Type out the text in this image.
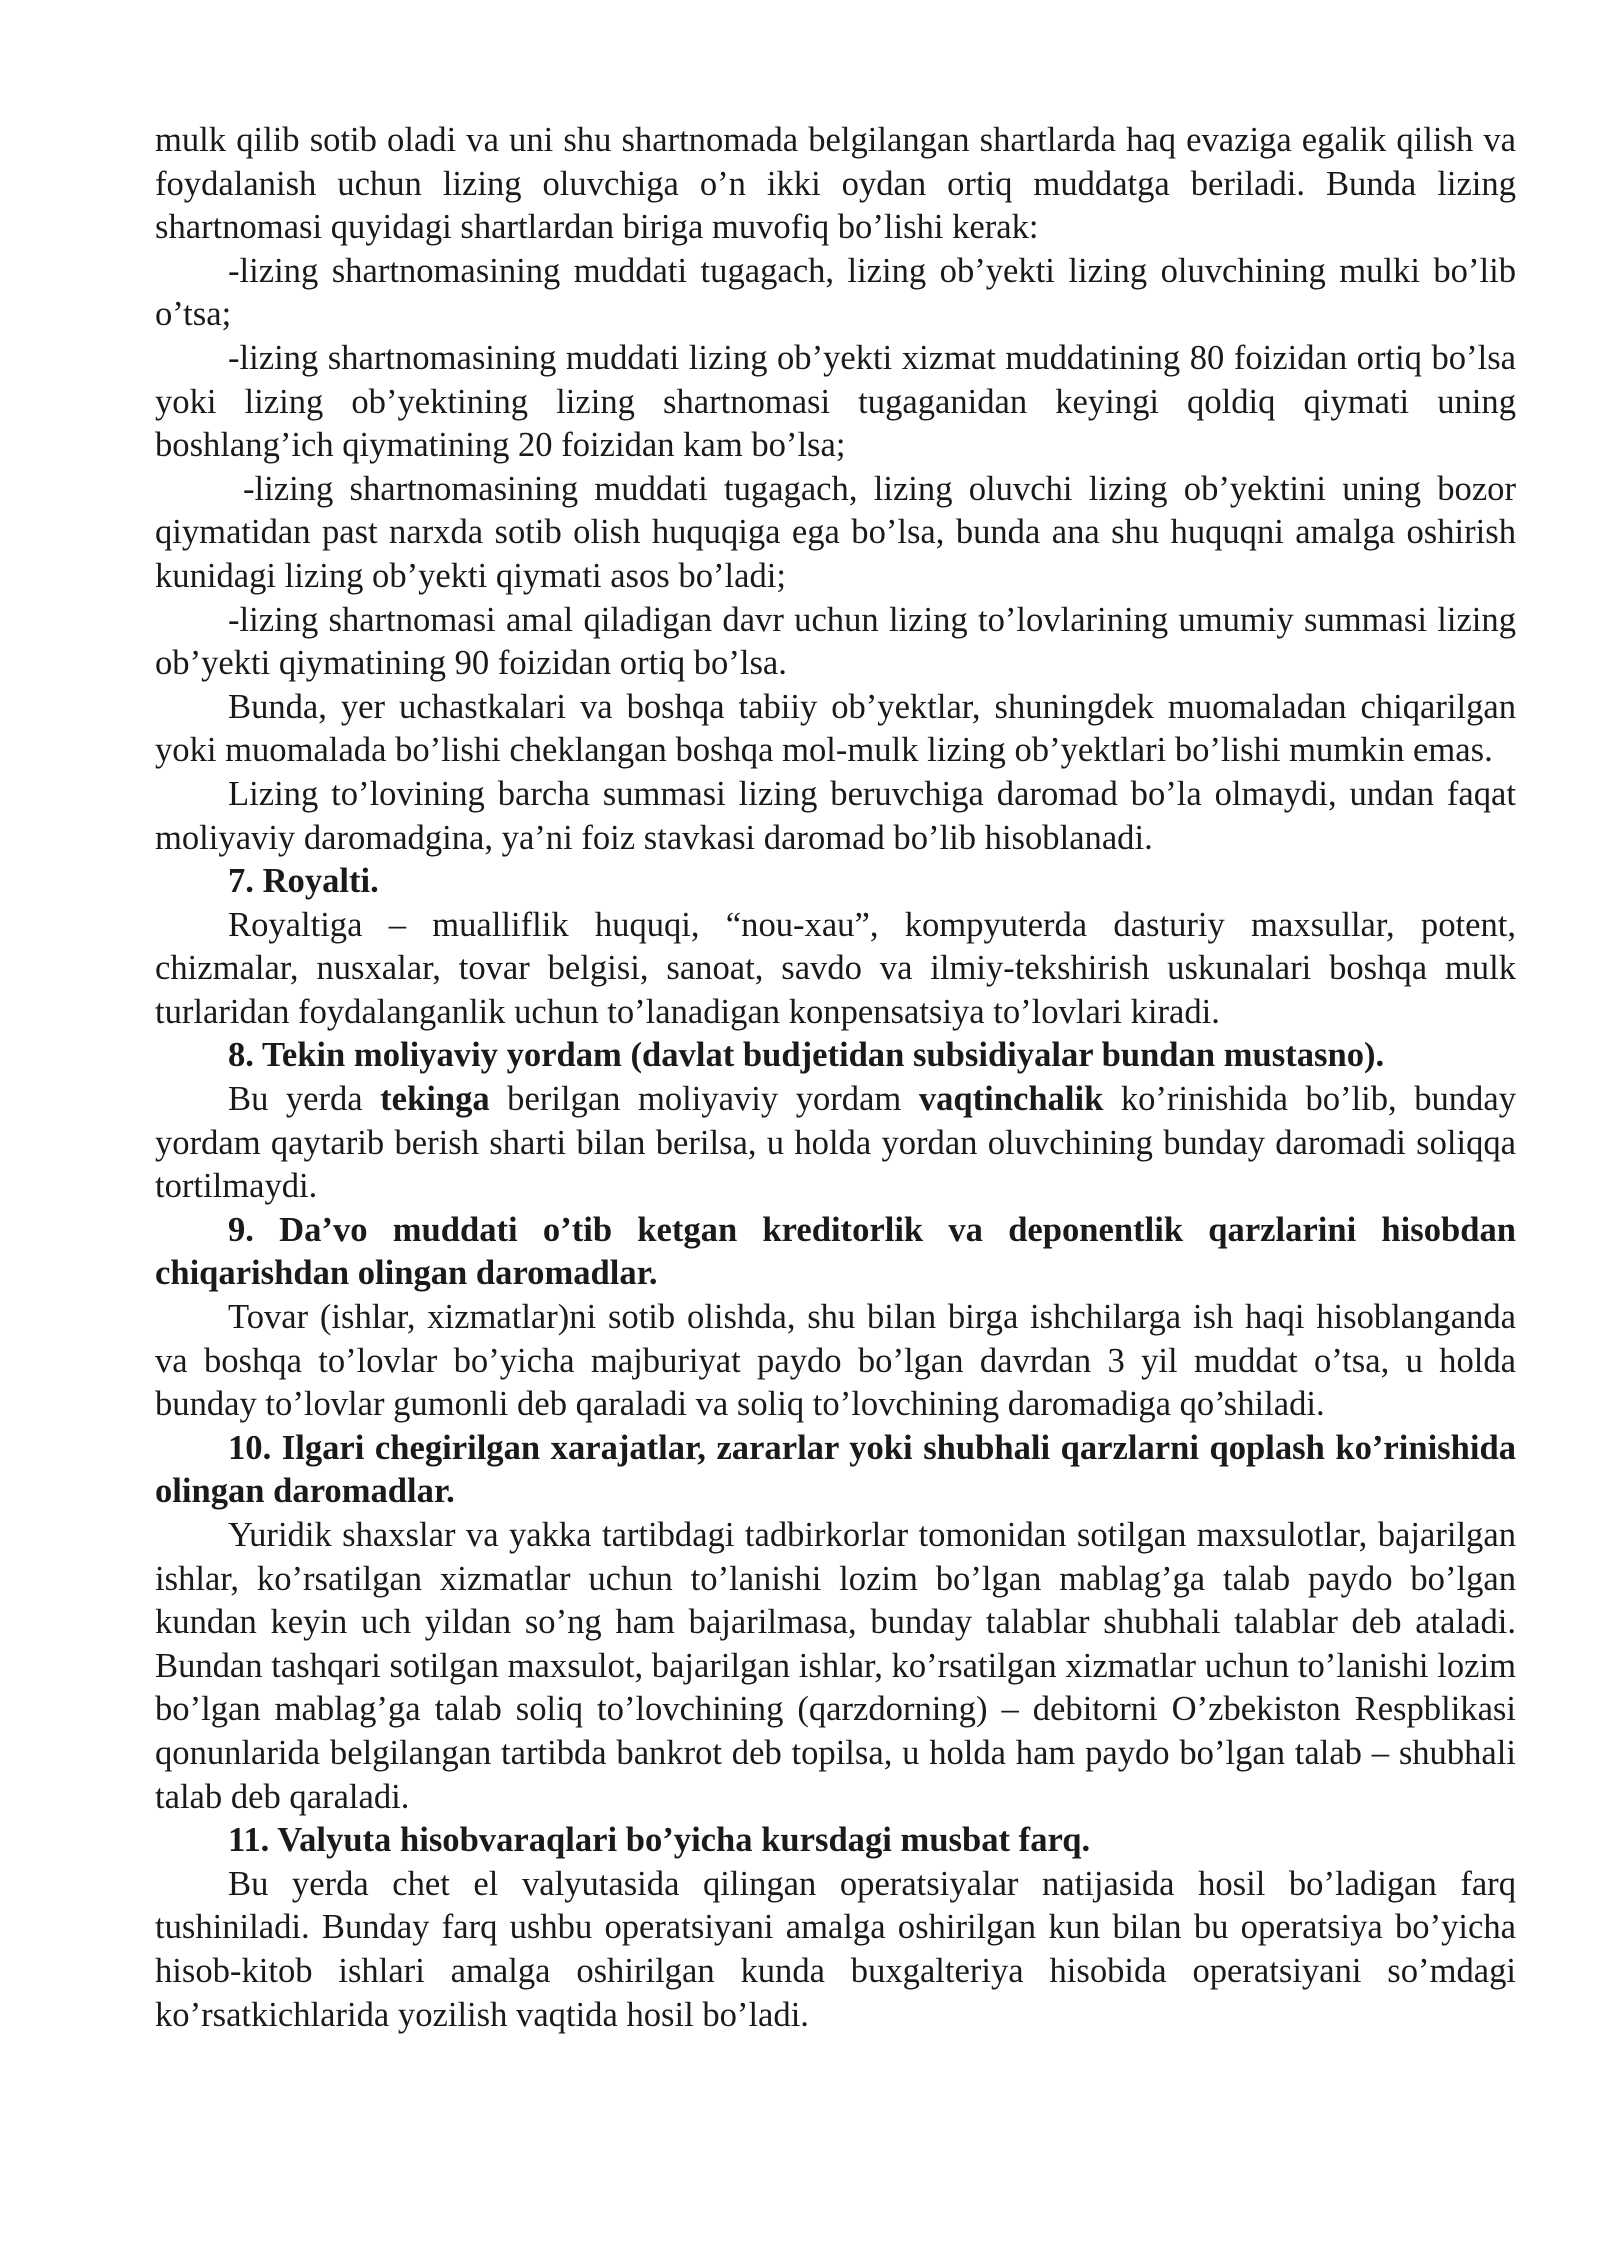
mulk qilib sotib oladi va uni shu shartnomada belgilangan shartlarda haq evaziga egalik qilish va foydalanish uchun lizing oluvchiga o’n ikki oydan ortiq muddatga beriladi. Bunda lizing shartnomasi quyidagi shartlardan biriga muvofiq bo’lishi kerak:

-lizing shartnomasining muddati tugagach, lizing ob’yekti lizing oluvchining mulki bo’lib o’tsa;

-lizing shartnomasining muddati lizing ob’yekti xizmat muddatining 80 foizidan ortiq bo’lsa yoki lizing ob’yektining lizing shartnomasi tugaganidan keyingi qoldiq qiymati uning boshlang’ich qiymatining 20 foizidan kam bo’lsa;

-lizing shartnomasining muddati tugagach, lizing oluvchi lizing ob’yektini uning bozor qiymatidan past narxda sotib olish huquqiga ega bo’lsa, bunda ana shu huquqni amalga oshirish kunidagi lizing ob’yekti qiymati asos bo’ladi;

-lizing shartnomasi amal qiladigan davr uchun lizing to’lovlarining umumiy summasi lizing ob’yekti qiymatining 90 foizidan ortiq bo’lsa.

Bunda, yer uchastkalari va boshqa tabiiy ob’yektlar, shuningdek muomaladan chiqarilgan yoki muomalada bo’lishi cheklangan boshqa mol-mulk lizing ob’yektlari bo’lishi mumkin emas.

Lizing to’lovining barcha summasi lizing beruvchiga daromad bo’la olmaydi, undan faqat moliyaviy daromadgina, ya’ni foiz stavkasi daromad bo’lib hisoblanadi.

7. Royalti.

Royaltiga – mualliflik huquqi, “nou-xau”, kompyuterda dasturiy maxsullar, potent, chizmalar, nusxalar, tovar belgisi, sanoat, savdo va ilmiy-tekshirish uskunalari boshqa mulk turlaridan foydalanganlik uchun to’lanadigan konpensatsiya to’lovlari kiradi.

8. Tekin moliyaviy yordam (davlat budjetidan subsidiyalar bundan mustasno).

Bu yerda tekinga berilgan moliyaviy yordam vaqtinchalik ko’rinishida bo’lib, bunday yordam qaytarib berish sharti bilan berilsa, u holda yordan oluvchining bunday daromadi soliqqa tortilmaydi.

9. Da’vo muddati o’tib ketgan kreditorlik va deponentlik qarzlarini hisobdan chiqarishdan olingan daromadlar.

Tovar (ishlar, xizmatlar)ni sotib olishda, shu bilan birga ishchilarga ish haqi hisoblanganda va boshqa to’lovlar bo’yicha majburiyat paydo bo’lgan davrdan 3 yil muddat o’tsa, u holda bunday to’lovlar gumonli deb qaraladi va soliq to’lovchining daromadiga qo’shiladi.

10. Ilgari chegirilgan xarajatlar, zararlar yoki shubhali qarzlarni qoplash ko’rinishida olingan daromadlar.

Yuridik shaxslar va yakka tartibdagi tadbirkorlar tomonidan sotilgan maxsulotlar, bajarilgan ishlar, ko’rsatilgan xizmatlar uchun to’lanishi lozim bo’lgan mablag’ga talab paydo bo’lgan kundan keyin uch yildan so’ng ham bajarilmasa, bunday talablar shubhali talablar deb ataladi. Bundan tashqari sotilgan maxsulot, bajarilgan ishlar, ko’rsatilgan xizmatlar uchun to’lanishi lozim bo’lgan mablag’ga talab soliq to’lovchining (qarzdorning) – debitorni O’zbekiston Respblikasi qonunlarida belgilangan tartibda bankrot deb topilsa, u holda ham paydo bo’lgan talab – shubhali talab deb qaraladi.

11. Valyuta hisobvaraqlari bo’yicha kursdagi musbat farq.

Bu yerda chet el valyutasida qilingan operatsiyalar natijasida hosil bo’ladigan farq tushiniladi. Bunday farq ushbu operatsiyani amalga oshirilgan kun bilan bu operatsiya bo’yicha hisob-kitob ishlari amalga oshirilgan kunda buxgalteriya hisobida operatsiyani so’mdagi ko’rsatkichlarida yozilish vaqtida hosil bo’ladi.
